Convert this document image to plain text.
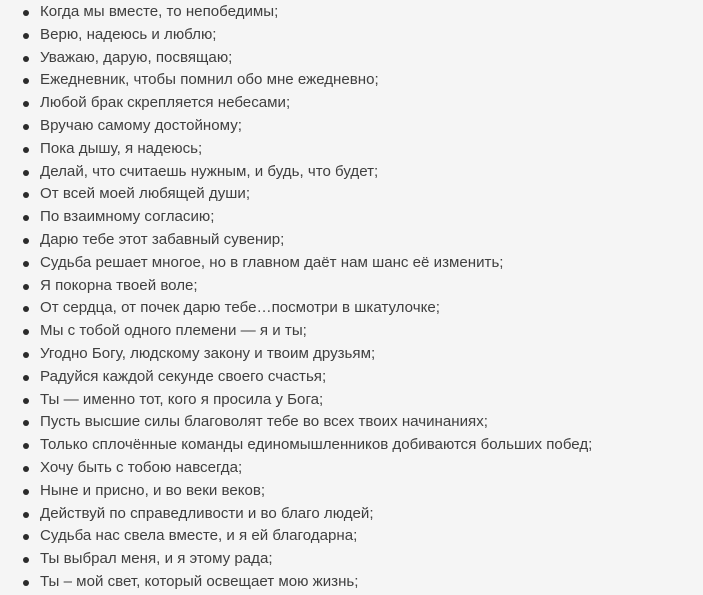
Когда мы вместе, то непобедимы;
Верю, надеюсь и люблю;
Уважаю, дарую, посвящаю;
Ежедневник, чтобы помнил обо мне ежедневно;
Любой брак скрепляется небесами;
Вручаю самому достойному;
Пока дышу, я надеюсь;
Делай, что считаешь нужным, и будь, что будет;
От всей моей любящей души;
По взаимному согласию;
Дарю тебе этот забавный сувенир;
Судьба решает многое, но в главном даёт нам шанс её изменить;
Я покорна твоей воле;
От сердца, от почек дарю тебе…посмотри в шкатулочке;
Мы с тобой одного племени — я и ты;
Угодно Богу, людскому закону и твоим друзьям;
Радуйся каждой секунде своего счастья;
Ты — именно тот, кого я просила у Бога;
Пусть высшие силы благоволят тебе во всех твоих начинаниях;
Только сплочённые команды единомышленников добиваются больших побед;
Хочу быть с тобою навсегда;
Ныне и присно, и во веки веков;
Действуй по справедливости и во благо людей;
Судьба нас свела вместе, и я ей благодарна;
Ты выбрал меня, и я этому рада;
Ты – мой свет, который освещает мою жизнь;
